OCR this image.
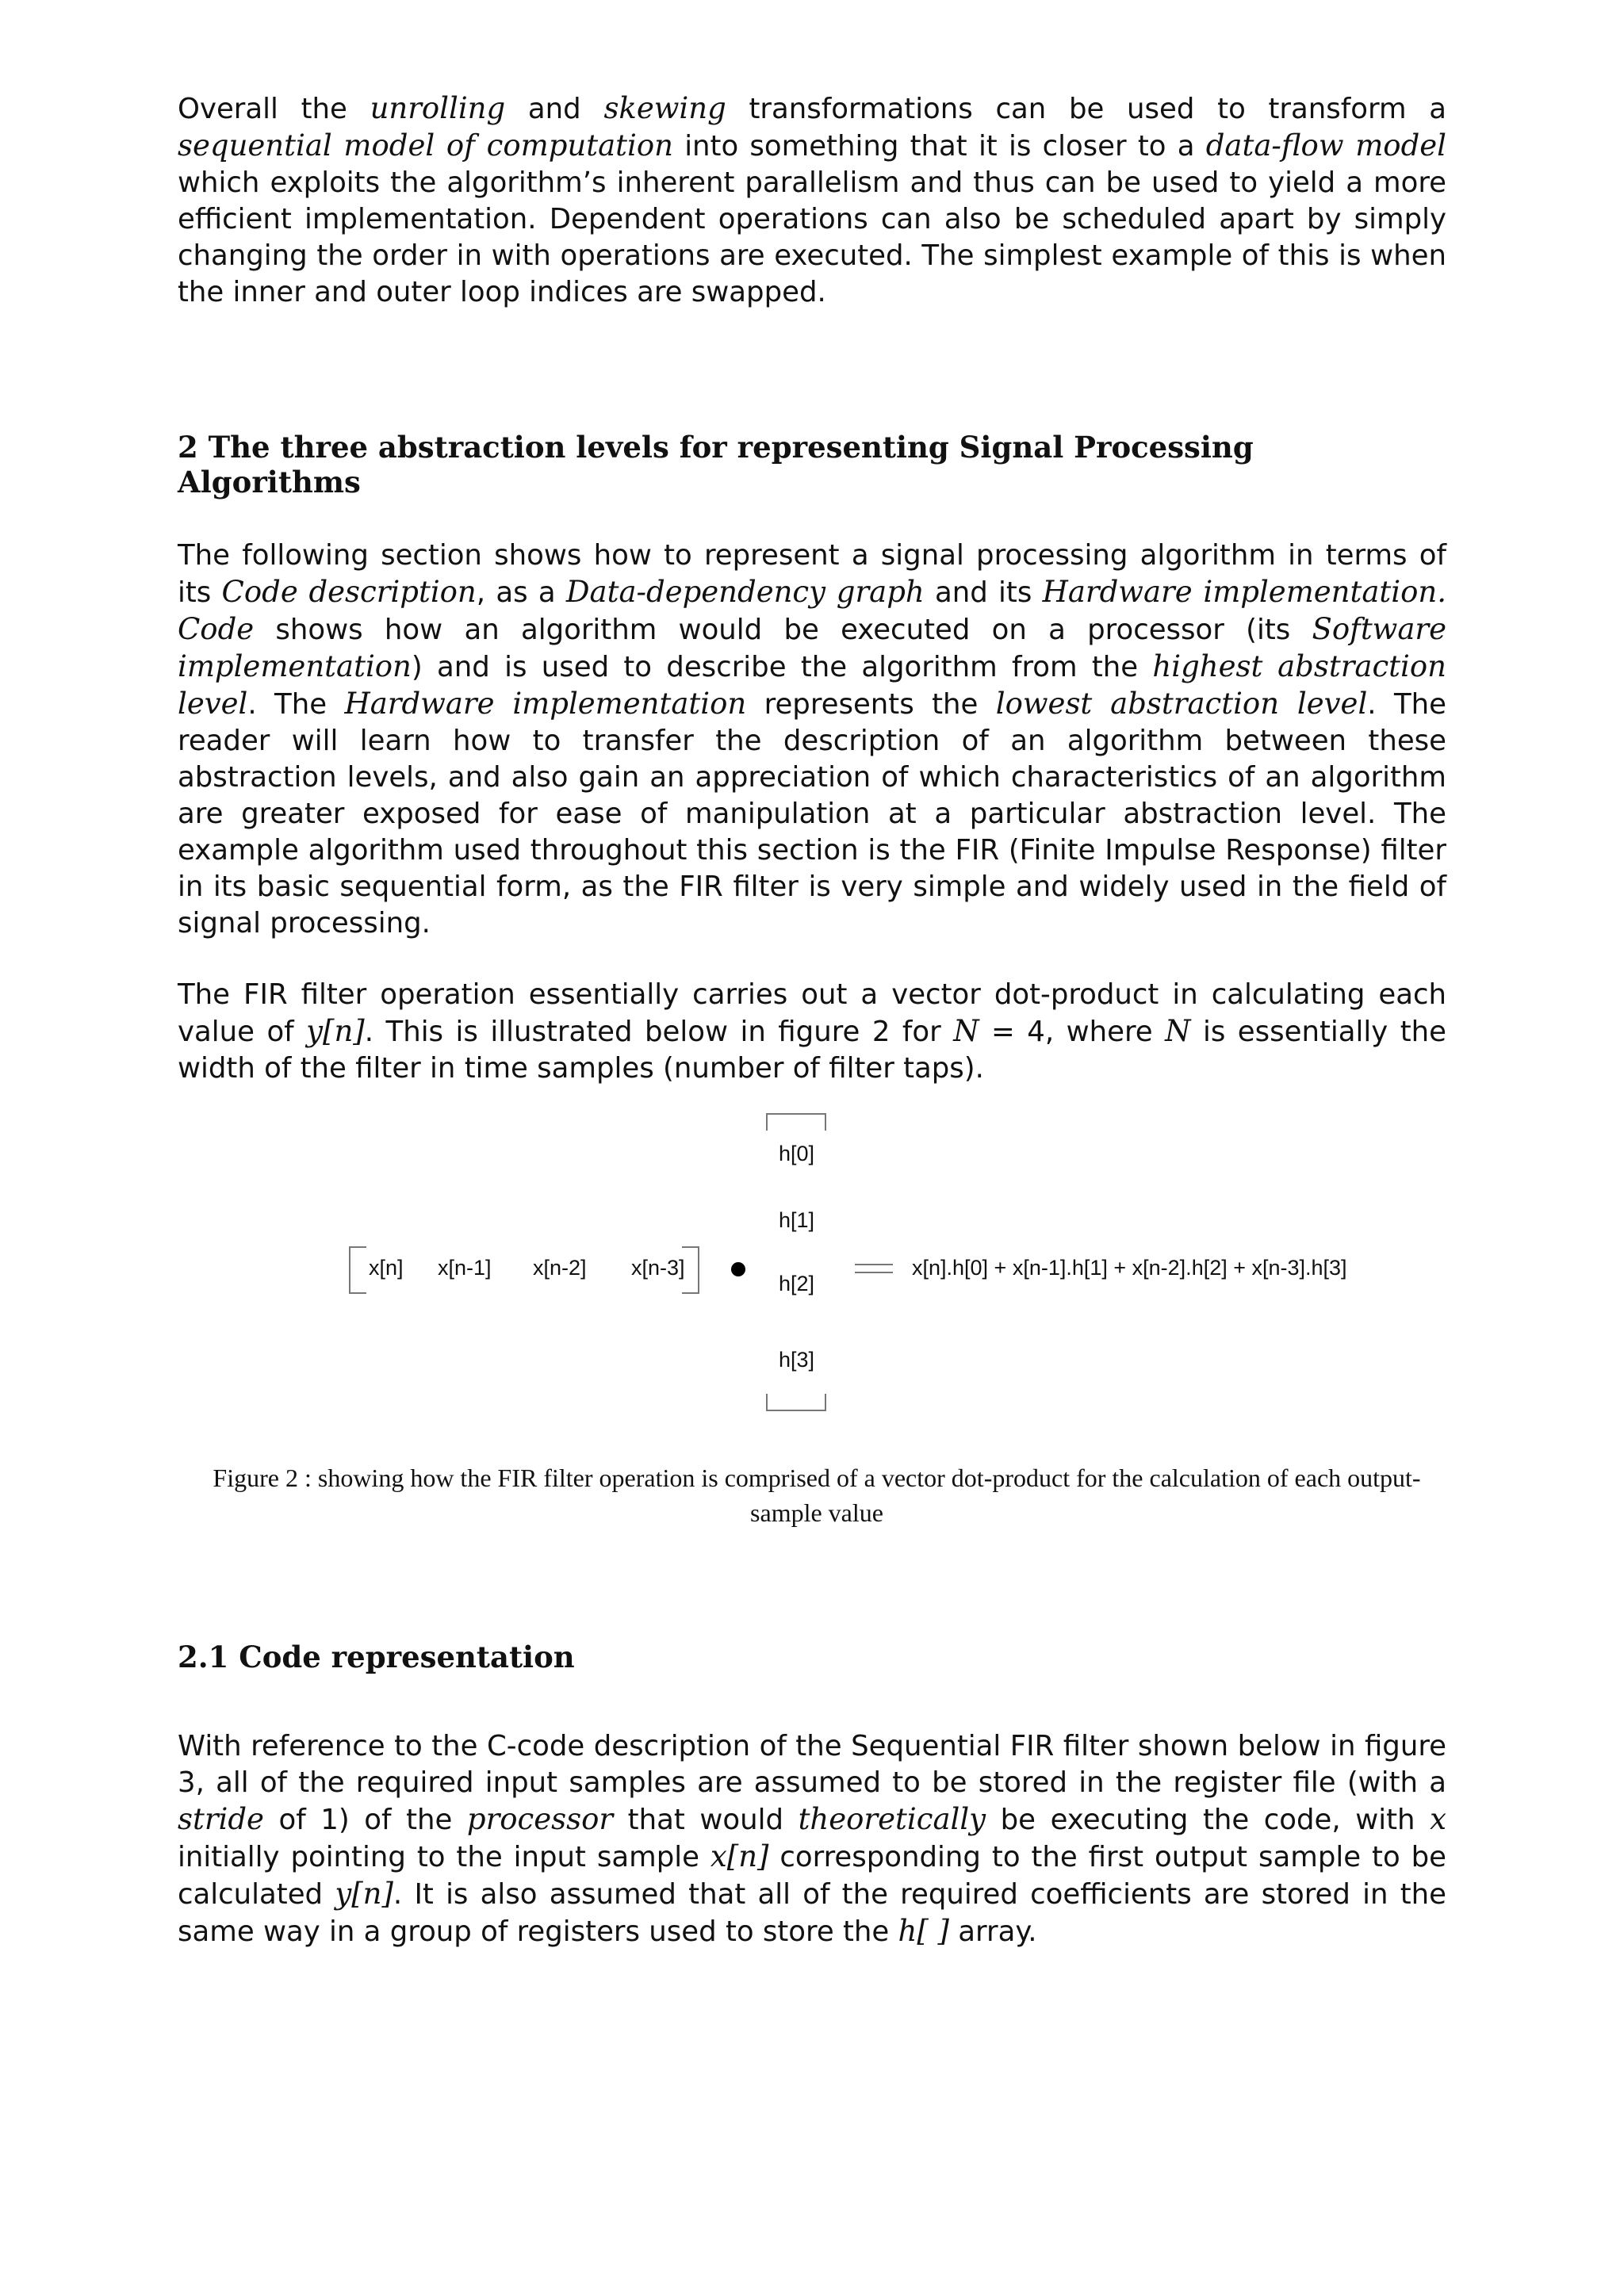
Overall the unrolling and skewing transformations can be used to transform a sequential model of computation into something that it is closer to a data-flow model which exploits the algorithm’s inherent parallelism and thus can be used to yield a more efficient implementation. Dependent operations can also be scheduled apart by simply changing the order in with operations are executed. The simplest example of this is when the inner and outer loop indices are swapped.

2 The three abstraction levels for representing Signal Processing Algorithms

The following section shows how to represent a signal processing algorithm in terms of its Code description, as a Data-dependency graph and its Hardware implementation. Code shows how an algorithm would be executed on a processor (its Software implementation) and is used to describe the algorithm from the highest abstraction level. The Hardware implementation represents the lowest abstraction level. The reader will learn how to transfer the description of an algorithm between these abstraction levels, and also gain an appreciation of which characteristics of an algorithm are greater exposed for ease of manipulation at a particular abstraction level. The example algorithm used throughout this section is the FIR (Finite Impulse Response) filter in its basic sequential form, as the FIR filter is very simple and widely used in the field of signal processing.

The FIR filter operation essentially carries out a vector dot-product in calculating each value of y[n]. This is illustrated below in figure 2 for N = 4, where N is essentially the width of the filter in time samples (number of filter taps).

x[n] x[n-1] x[n-2] x[n-3]
h[0]
h[1]
h[2]
h[3]
x[n].h[0] + x[n-1].h[1] + x[n-2].h[2] + x[n-3].h[3]

Figure 2 : showing how the FIR filter operation is comprised of a vector dot-product for the calculation of each output-sample value

2.1 Code representation

With reference to the C-code description of the Sequential FIR filter shown below in figure 3, all of the required input samples are assumed to be stored in the register file (with a stride of 1) of the processor that would theoretically be executing the code, with x initially pointing to the input sample x[n] corresponding to the first output sample to be calculated y[n]. It is also assumed that all of the required coefficients are stored in the same way in a group of registers used to store the h[ ] array.
